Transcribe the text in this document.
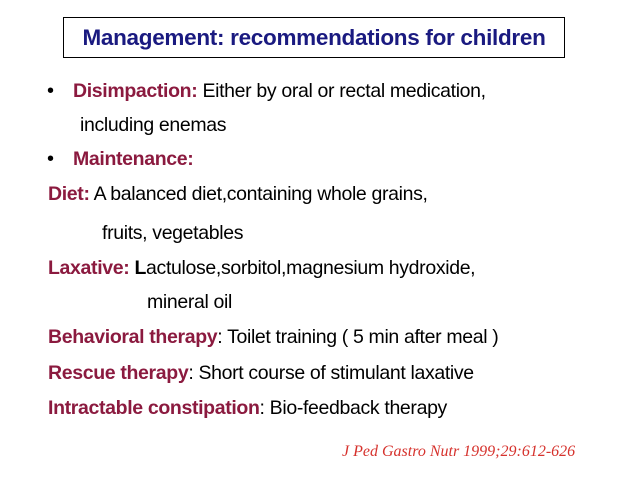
Management: recommendations for children
• Disimpaction: Either by oral or rectal medication,
including enemas
• Maintenance:
Diet: A balanced diet,containing whole grains,
fruits, vegetables
Laxative: Lactulose,sorbitol,magnesium hydroxide,
mineral oil
Behavioral therapy: Toilet training ( 5 min after meal )
Rescue therapy: Short course of stimulant laxative
Intractable constipation: Bio-feedback therapy
J Ped Gastro Nutr 1999;29:612-626
